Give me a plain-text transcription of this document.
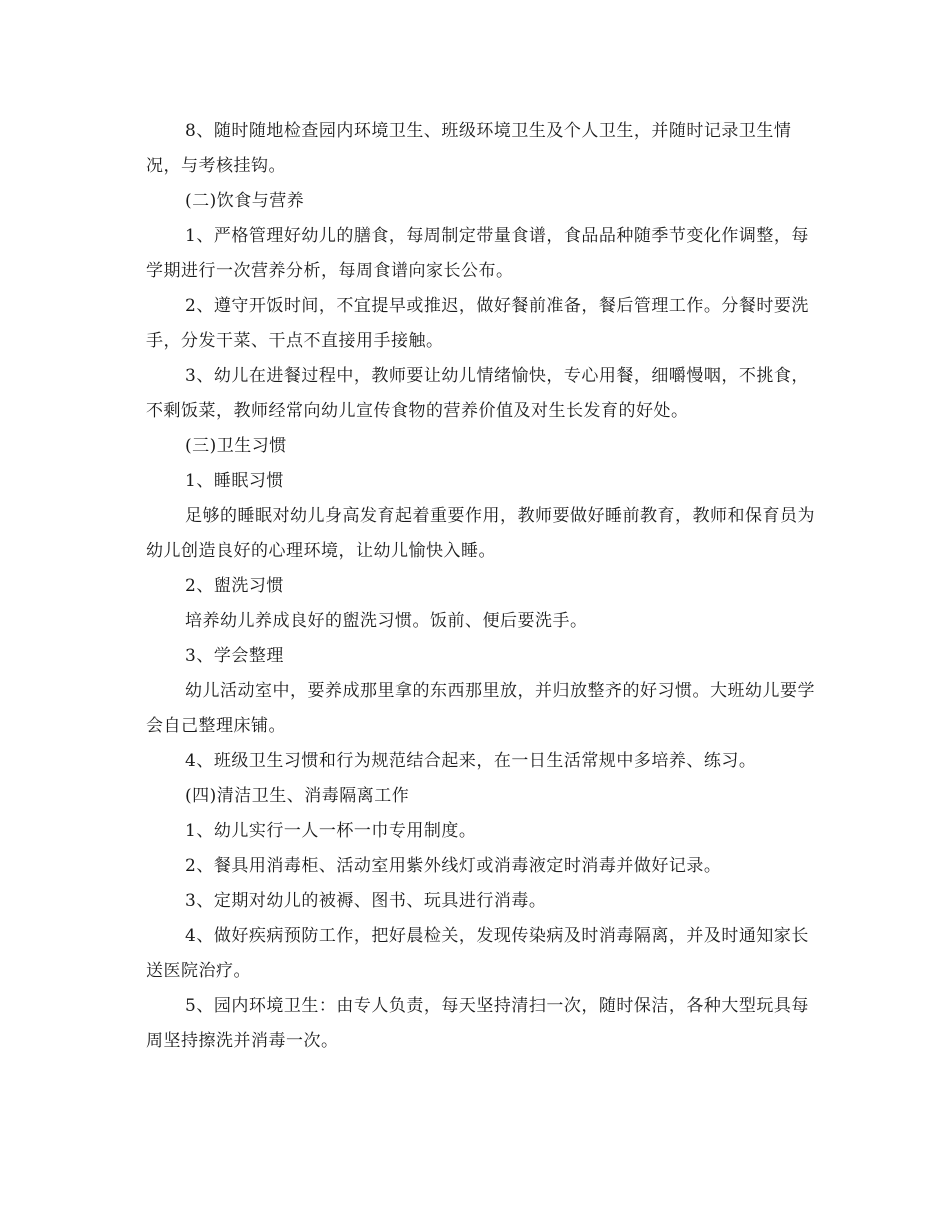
8、随时随地检查园内环境卫生、班级环境卫生及个人卫生，并随时记录卫生情况，与考核挂钩。

(二)饮食与营养

1、严格管理好幼儿的膳食，每周制定带量食谱，食品品种随季节变化作调整，每学期进行一次营养分析，每周食谱向家长公布。

2、遵守开饭时间，不宜提早或推迟，做好餐前准备，餐后管理工作。分餐时要洗手，分发干菜、干点不直接用手接触。

3、幼儿在进餐过程中，教师要让幼儿情绪愉快，专心用餐，细嚼慢咽，不挑食，不剩饭菜，教师经常向幼儿宣传食物的营养价值及对生长发育的好处。

(三)卫生习惯

1、睡眠习惯

足够的睡眠对幼儿身高发育起着重要作用，教师要做好睡前教育，教师和保育员为幼儿创造良好的心理环境，让幼儿愉快入睡。

2、盥洗习惯

培养幼儿养成良好的盥洗习惯。饭前、便后要洗手。

3、学会整理

幼儿活动室中，要养成那里拿的东西那里放，并归放整齐的好习惯。大班幼儿要学会自己整理床铺。

4、班级卫生习惯和行为规范结合起来，在一日生活常规中多培养、练习。

(四)清洁卫生、消毒隔离工作

1、幼儿实行一人一杯一巾专用制度。

2、餐具用消毒柜、活动室用紫外线灯或消毒液定时消毒并做好记录。

3、定期对幼儿的被褥、图书、玩具进行消毒。

4、做好疾病预防工作，把好晨检关，发现传染病及时消毒隔离，并及时通知家长送医院治疗。

5、园内环境卫生：由专人负责，每天坚持清扫一次，随时保洁，各种大型玩具每周坚持擦洗并消毒一次。
